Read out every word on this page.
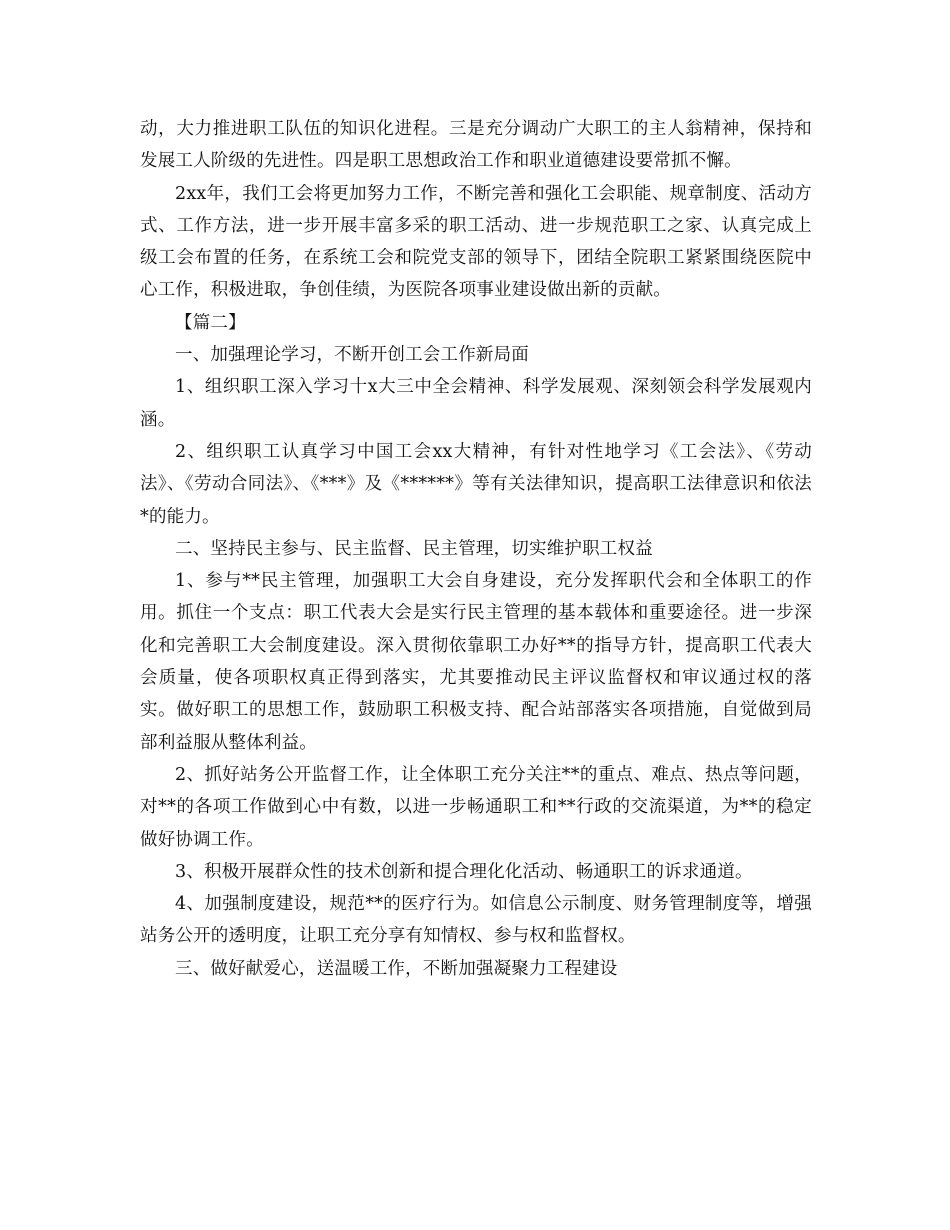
动，大力推进职工队伍的知识化进程。三是充分调动广大职工的主人翁精神，保持和发展工人阶级的先进性。四是职工思想政治工作和职业道德建设要常抓不懈。

2xx年，我们工会将更加努力工作，不断完善和强化工会职能、规章制度、活动方式、工作方法，进一步开展丰富多采的职工活动、进一步规范职工之家、认真完成上级工会布置的任务，在系统工会和院党支部的领导下，团结全院职工紧紧围绕医院中心工作，积极进取，争创佳绩，为医院各项事业建设做出新的贡献。

【篇二】

一、加强理论学习，不断开创工会工作新局面

1、组织职工深入学习十x大三中全会精神、科学发展观、深刻领会科学发展观内涵。

2、组织职工认真学习中国工会xx大精神，有针对性地学习《工会法》、《劳动法》、《劳动合同法》、《***》及《******》等有关法律知识，提高职工法律意识和依法*的能力。

二、坚持民主参与、民主监督、民主管理，切实维护职工权益

1、参与**民主管理，加强职工大会自身建设，充分发挥职代会和全体职工的作用。抓住一个支点：职工代表大会是实行民主管理的基本载体和重要途径。进一步深化和完善职工大会制度建设。深入贯彻依靠职工办好**的指导方针，提高职工代表大会质量，使各项职权真正得到落实，尤其要推动民主评议监督权和审议通过权的落实。做好职工的思想工作，鼓励职工积极支持、配合站部落实各项措施，自觉做到局部利益服从整体利益。

2、抓好站务公开监督工作，让全体职工充分关注**的重点、难点、热点等问题，对**的各项工作做到心中有数，以进一步畅通职工和**行政的交流渠道，为**的稳定做好协调工作。

3、积极开展群众性的技术创新和提合理化化活动、畅通职工的诉求通道。

4、加强制度建设，规范**的医疗行为。如信息公示制度、财务管理制度等，增强站务公开的透明度，让职工充分享有知情权、参与权和监督权。

三、做好献爱心，送温暖工作，不断加强凝聚力工程建设
